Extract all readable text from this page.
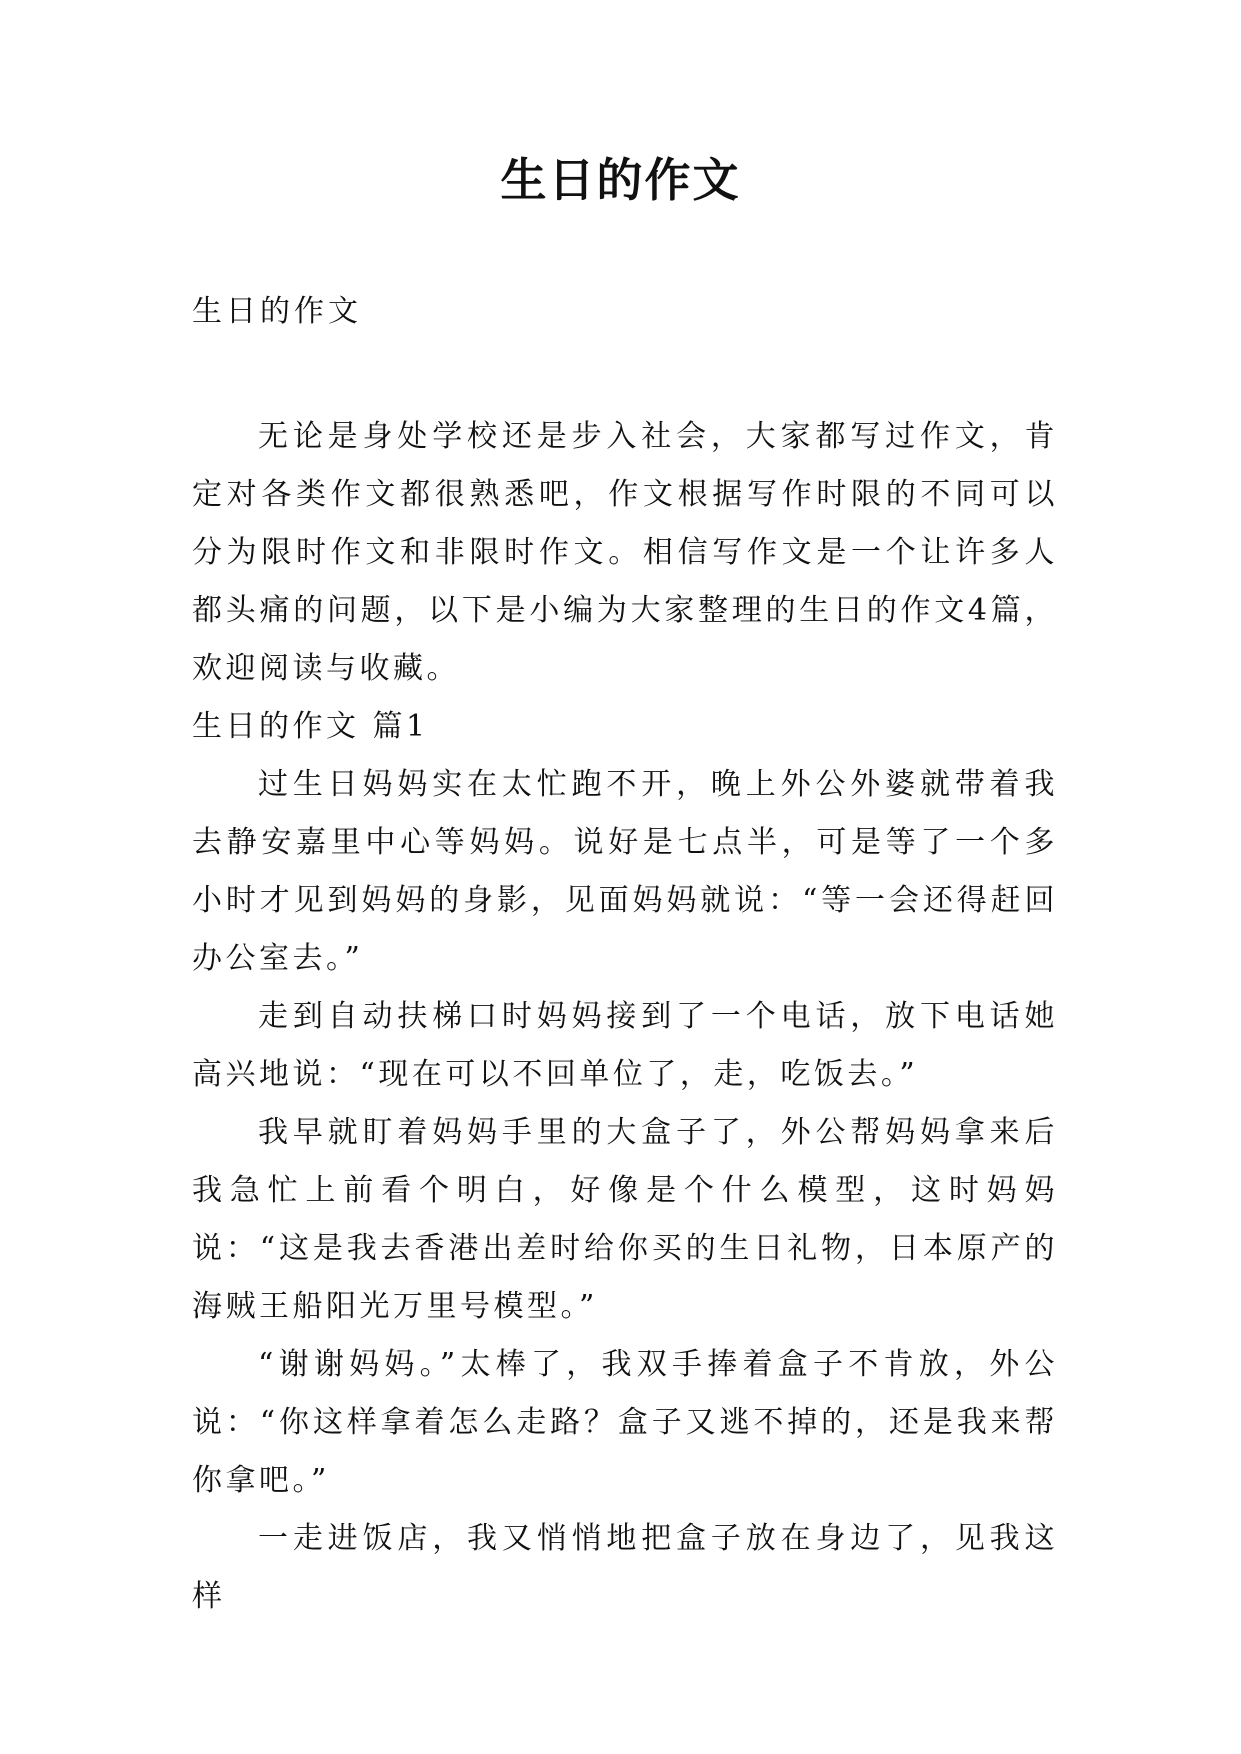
生日的作文
生日的作文

无论是身处学校还是步入社会，大家都写过作文，肯定对各类作文都很熟悉吧，作文根据写作时限的不同可以分为限时作文和非限时作文。相信写作文是一个让许多人都头痛的问题，以下是小编为大家整理的生日的作文4篇，欢迎阅读与收藏。

生日的作文 篇1

过生日妈妈实在太忙跑不开，晚上外公外婆就带着我去静安嘉里中心等妈妈。说好是七点半，可是等了一个多小时才见到妈妈的身影，见面妈妈就说：“等一会还得赶回办公室去。”

走到自动扶梯口时妈妈接到了一个电话，放下电话她高兴地说：“现在可以不回单位了，走，吃饭去。”

我早就盯着妈妈手里的大盒子了，外公帮妈妈拿来后我急忙上前看个明白，好像是个什么模型，这时妈妈说：“这是我去香港出差时给你买的生日礼物，日本原产的海贼王船阳光万里号模型。”

“谢谢妈妈。”太棒了，我双手捧着盒子不肯放，外公说：“你这样拿着怎么走路？盒子又逃不掉的，还是我来帮你拿吧。”

一走进饭店，我又悄悄地把盒子放在身边了，见我这样
